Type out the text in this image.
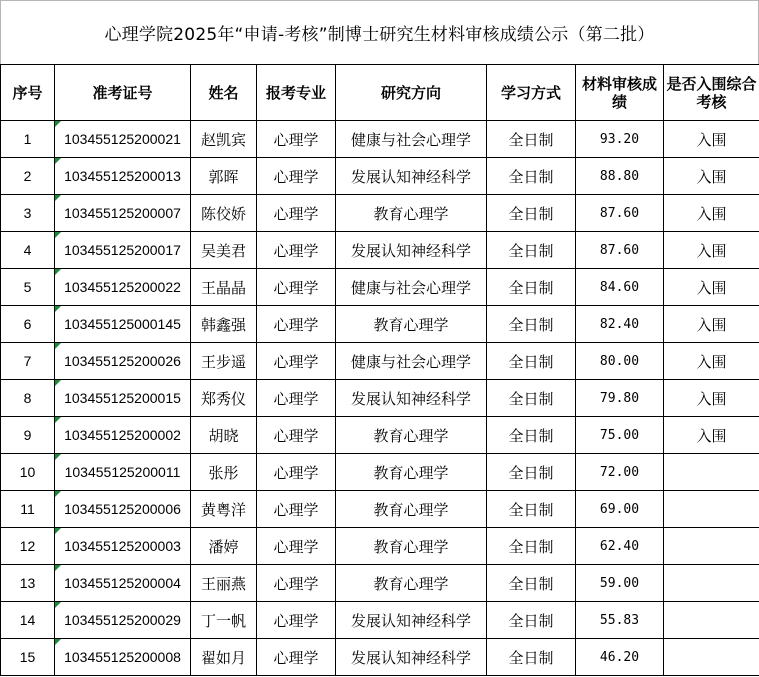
心理学院2025年“申请-考核”制博士研究生材料审核成绩公示（第二批）
序号	准考证号	姓名	报考专业	研究方向	学习方式	材料审核成绩	是否入围综合考核
1	103455125200021	赵凯宾	心理学	健康与社会心理学	全日制	93.20	入围
2	103455125200013	郭晖	心理学	发展认知神经科学	全日制	88.80	入围
3	103455125200007	陈佼娇	心理学	教育心理学	全日制	87.60	入围
4	103455125200017	吴美君	心理学	发展认知神经科学	全日制	87.60	入围
5	103455125200022	王晶晶	心理学	健康与社会心理学	全日制	84.60	入围
6	103455125000145	韩鑫强	心理学	教育心理学	全日制	82.40	入围
7	103455125200026	王步遥	心理学	健康与社会心理学	全日制	80.00	入围
8	103455125200015	郑秀仪	心理学	发展认知神经科学	全日制	79.80	入围
9	103455125200002	胡晓	心理学	教育心理学	全日制	75.00	入围
10	103455125200011	张彤	心理学	教育心理学	全日制	72.00	
11	103455125200006	黄粤洋	心理学	教育心理学	全日制	69.00	
12	103455125200003	潘婷	心理学	教育心理学	全日制	62.40	
13	103455125200004	王丽燕	心理学	教育心理学	全日制	59.00	
14	103455125200029	丁一帆	心理学	发展认知神经科学	全日制	55.83	
15	103455125200008	翟如月	心理学	发展认知神经科学	全日制	46.20	
